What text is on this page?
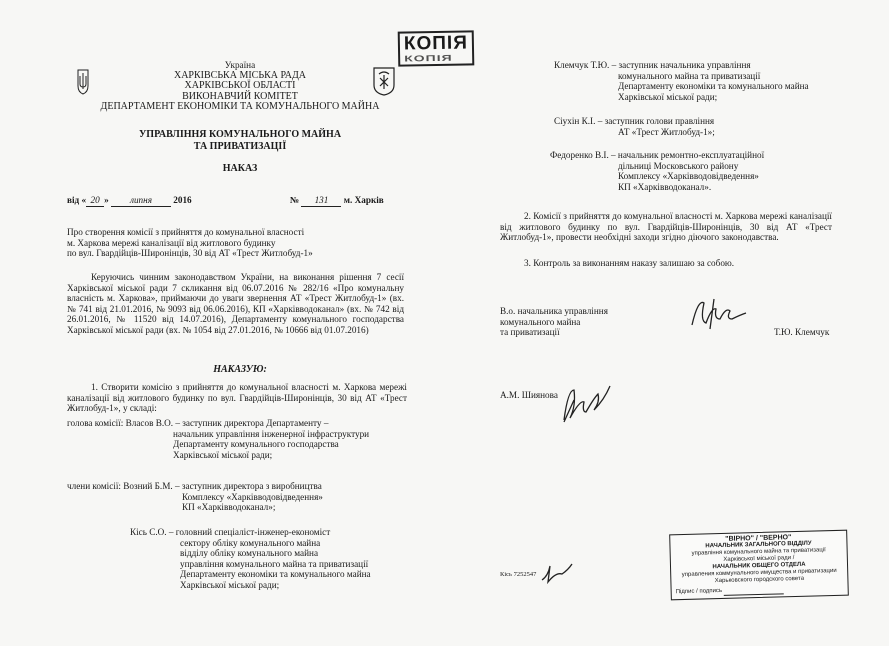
Україна
ХАРКІВСЬКА МІСЬКА РАДА
ХАРКІВСЬКОЇ ОБЛАСТІ
ВИКОНАВЧИЙ КОМІТЕТ
ДЕПАРТАМЕНТ ЕКОНОМІКИ ТА КОМУНАЛЬНОГО МАЙНА
УПРАВЛІННЯ КОМУНАЛЬНОГО МАЙНА
ТА ПРИВАТИЗАЦІЇ
НАКАЗ
від « 20 » липня 2016	№ 131 м. Харків
Про створення комісії з прийняття до комунальної власності
м. Харкова мережі каналізації від житлового будинку
по вул. Гвардійців-Широнінців, 30 від АТ «Трест Житлобуд-1»
Керуючись чинним законодавством України, на виконання рішення 7 сесії Харківської міської ради 7 скликання від 06.07.2016 № 282/16 «Про комунальну власність м. Харкова», приймаючи до уваги звернення АТ «Трест Житлобуд-1» (вх. № 741 від 21.01.2016, № 9093 від 06.06.2016), КП «Харківводоканал» (вх. № 742 від 26.01.2016, № 11520 від 14.07.2016), Департаменту комунального господарства Харківської міської ради (вх. № 1054 від 27.01.2016, № 10666 від 01.07.2016)
НАКАЗУЮ:
1. Створити комісію з прийняття до комунальної власності м. Харкова мережі каналізації від житлового будинку по вул. Гвардійців-Широнінців, 30 від АТ «Трест Житлобуд-1», у складі:
голова комісії: Власов В.О. – заступник директора Департаменту –
начальник управління інженерної інфраструктури
Департаменту комунального господарства
Харківської міської ради;
члени комісії: Возний Б.М. – заступник директора з виробництва
Комплексу «Харківводовідведення»
КП «Харківводоканал»;
Кісь С.О. – головний спеціаліст-інженер-економіст
сектору обліку комунального майна
відділу обліку комунального майна
управління комунального майна та приватизації
Департаменту економіки та комунального майна
Харківської міської ради;
КОПІЯ
КОПІЯ
Клемчук Т.Ю. – заступник начальника управління
комунального майна та приватизації
Департаменту економіки та комунального майна
Харківської міської ради;
Сіухін К.І. – заступник голови правління
АТ «Трест Житлобуд-1»;
Федоренко В.І. – начальник ремонтно-експлуатаційної
дільниці Московського району
Комплексу «Харківводовідведення»
КП «Харківводоканал».
2. Комісії з прийняття до комунальної власності м. Харкова мережі каналізації від житлового будинку по вул. Гвардійців-Широнінців, 30 від АТ «Трест Житлобуд-1», провести необхідні заходи згідно діючого законодавства.
3. Контроль за виконанням наказу залишаю за собою.
В.о. начальника управління
комунального майна
та приватизації	Т.Ю. Клемчук
А.М. Шиянова
Кісь 7252547
"ВІРНО" / "ВЕРНО"
НАЧАЛЬНИК ЗАГАЛЬНОГО ВІДДІЛУ
управління комунального майна та приватизації
Харківської міської ради /
НАЧАЛЬНИК ОБЩЕГО ОТДЕЛА
управления коммунального имущества и приватизации
Харьковского городского совета
Підпис / подпись
